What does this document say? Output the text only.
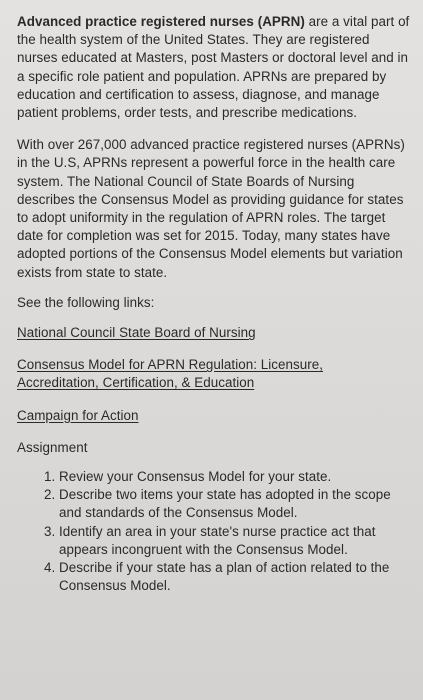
Advanced practice registered nurses (APRN) are a vital part of the health system of the United States. They are registered nurses educated at Masters, post Masters or doctoral level and in a specific role patient and population. APRNs are prepared by education and certification to assess, diagnose, and manage patient problems, order tests, and prescribe medications.

With over 267,000 advanced practice registered nurses (APRNs) in the U.S, APRNs represent a powerful force in the health care system. The National Council of State Boards of Nursing describes the Consensus Model as providing guidance for states to adopt uniformity in the regulation of APRN roles. The target date for completion was set for 2015. Today, many states have adopted portions of the Consensus Model elements but variation exists from state to state.

See the following links:

National Council State Board of Nursing
Consensus Model for APRN Regulation: Licensure, Accreditation, Certification, & Education
Campaign for Action

Assignment

1. Review your Consensus Model for your state.
2. Describe two items your state has adopted in the scope and standards of the Consensus Model.
3. Identify an area in your state's nurse practice act that appears incongruent with the Consensus Model.
4. Describe if your state has a plan of action related to the Consensus Model.
